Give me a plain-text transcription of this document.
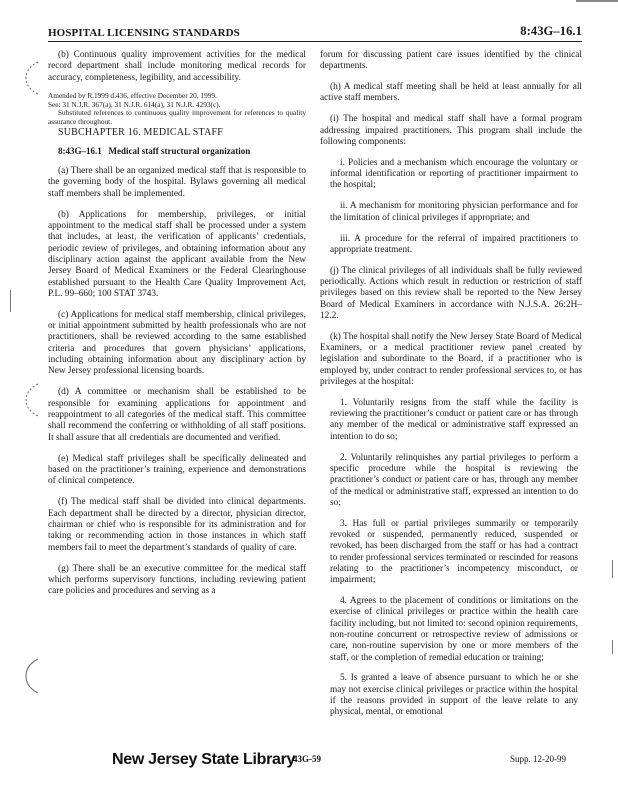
HOSPITAL LICENSING STANDARDS	8:43G–16.1

(b) Continuous quality improvement activities for the medical record department shall include monitoring medical records for accuracy, completeness, legibility, and accessibility.

Amended by R.1999 d.436, effective December 20, 1999.

See: 31 N.J.R. 367(a), 31 N.J.R. 614(a), 31 N.J.R. 4293(c).

Substituted references to continuous quality improvement for references to quality assurance throughout.

SUBCHAPTER 16. MEDICAL STAFF

8:43G–16.1 Medical staff structural organization

(a) There shall be an organized medical staff that is responsible to the governing body of the hospital. Bylaws governing all medical staff members shall be implemented.

(b) Applications for membership, privileges, or initial appointment to the medical staff shall be processed under a system that includes, at least, the verification of applicants’ credentials, periodic review of privileges, and obtaining information about any disciplinary action against the applicant available from the New Jersey Board of Medical Examiners or the Federal Clearinghouse established pursuant to the Health Care Quality Improvement Act, P.L. 99–660; 100 STAT 3743.

(c) Applications for medical staff membership, clinical privileges, or initial appointment submitted by health professionals who are not practitioners, shall be reviewed according to the same established criteria and procedures that govern physicians’ applications, including obtaining information about any disciplinary action by New Jersey professional licensing boards.

(d) A committee or mechanism shall be established to be responsible for examining applications for appointment and reappointment to all categories of the medical staff. This committee shall recommend the conferring or withholding of all staff positions. It shall assure that all credentials are documented and verified.

(e) Medical staff privileges shall be specifically delineated and based on the practitioner’s training, experience and demonstrations of clinical competence.

(f) The medical staff shall be divided into clinical departments. Each department shall be directed by a director, physician director, chairman or chief who is responsible for its administration and for taking or recommending action in those instances in which staff members fail to meet the department’s standards of quality of care.

(g) There shall be an executive committee for the medical staff which performs supervisory functions, including reviewing patient care policies and procedures and serving as a

forum for discussing patient care issues identified by the clinical departments.

(h) A medical staff meeting shall be held at least annually for all active staff members.

(i) The hospital and medical staff shall have a formal program addressing impaired practitioners. This program shall include the following components:

i. Policies and a mechanism which encourage the voluntary or informal identification or reporting of practitioner impairment to the hospital;

ii. A mechanism for monitoring physician performance and for the limitation of clinical privileges if appropriate; and

iii. A procedure for the referral of impaired practitioners to appropriate treatment.

(j) The clinical privileges of all individuals shall be fully reviewed periodically. Actions which result in reduction or restriction of staff privileges based on this review shall be reported to the New Jersey Board of Medical Examiners in accordance with N.J.S.A. 26:2H–12.2.

(k) The hospital shall notify the New Jersey State Board of Medical Examiners, or a medical practitioner review panel created by legislation and subordinate to the Board, if a practitioner who is employed by, under contract to render professional services to, or has privileges at the hospital:

1. Voluntarily resigns from the staff while the facility is reviewing the practitioner’s conduct or patient care or has through any member of the medical or administrative staff expressed an intention to do so;

2. Voluntarily relinquishes any partial privileges to perform a specific procedure while the hospital is reviewing the practitioner’s conduct or patient care or has, through any member of the medical or administrative staff, expressed an intention to do so;

3. Has full or partial privileges summarily or temporarily revoked or suspended, permanently reduced, suspended or revoked, has been discharged from the staff or has had a contract to render professional services terminated or rescinded for reasons relating to the practitioner’s incompetency misconduct, or impairment;

4. Agrees to the placement of conditions or limitations on the exercise of clinical privileges or practice within the health care facility including, but not limited to: second opinion requirements, non-routine concurrent or retrospective review of admissions or care, non-routine supervision by one or more members of the staff, or the completion of remedial education or training;

5. Is granted a leave of absence pursuant to which he or she may not exercise clinical privileges or practice within the hospital if the reasons provided in support of the leave relate to any physical, mental, or emotional

New Jersey State Library
43G-59	Supp. 12-20-99
